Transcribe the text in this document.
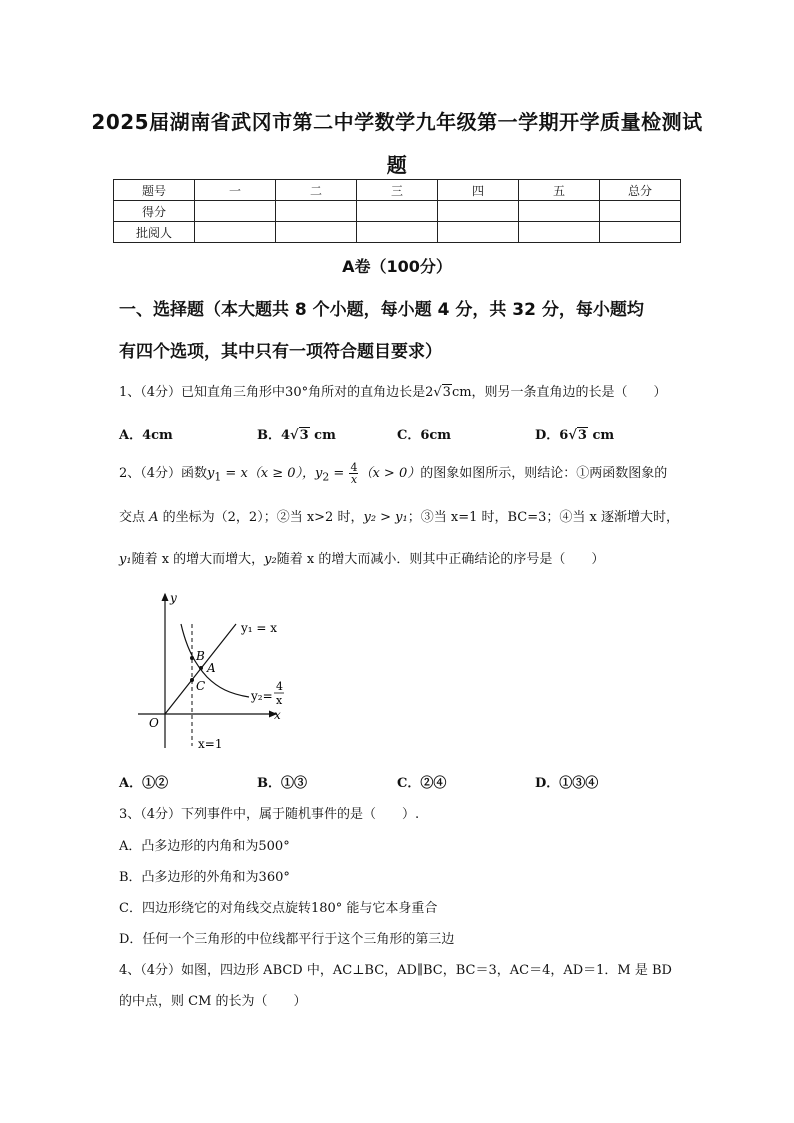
2025届湖南省武冈市第二中学数学九年级第一学期开学质量检测试
题
题号	一	二	三	四	五	总分
得分						
批阅人						
A卷（100分）
一、选择题（本大题共 8 个小题，每小题 4 分，共 32 分，每小题均
有四个选项，其中只有一项符合题目要求）
1、（4分）已知直角三角形中30°角所对的直角边长是2√3cm，则另一条直角边的长是（　　）
A．4cm	B．4√3 cm	C．6cm	D．6√3 cm
2、（4分）函数$y_1 = x(x \ge 0)$，$y_2 = \frac{4}{x} (x > 0)$的图象如图所示，则结论：①两函数图象的
交点 A 的坐标为（2，2）；②当 x>2 时，y₂ > y₁；③当 x=1 时，BC=3；④当 x 逐渐增大时，
y₁随着 x 的增大而增大，y₂随着 x 的增大而减小．则其中正确结论的序号是（　　）
y
x
O
y₁ = x
y₂=
4
x
B
A
C
x=1
A．①②	B．①③	C．②④	D．①③④
3、（4分）下列事件中，属于随机事件的是（　　）.
A．凸多边形的内角和为500°
B．凸多边形的外角和为360°
C．四边形绕它的对角线交点旋转180° 能与它本身重合
D．任何一个三角形的中位线都平行于这个三角形的第三边
4、（4分）如图，四边形 ABCD 中，AC⊥BC，AD∥BC，BC＝3，AC＝4，AD＝1．M 是 BD
的中点，则 CM 的长为（　　）
